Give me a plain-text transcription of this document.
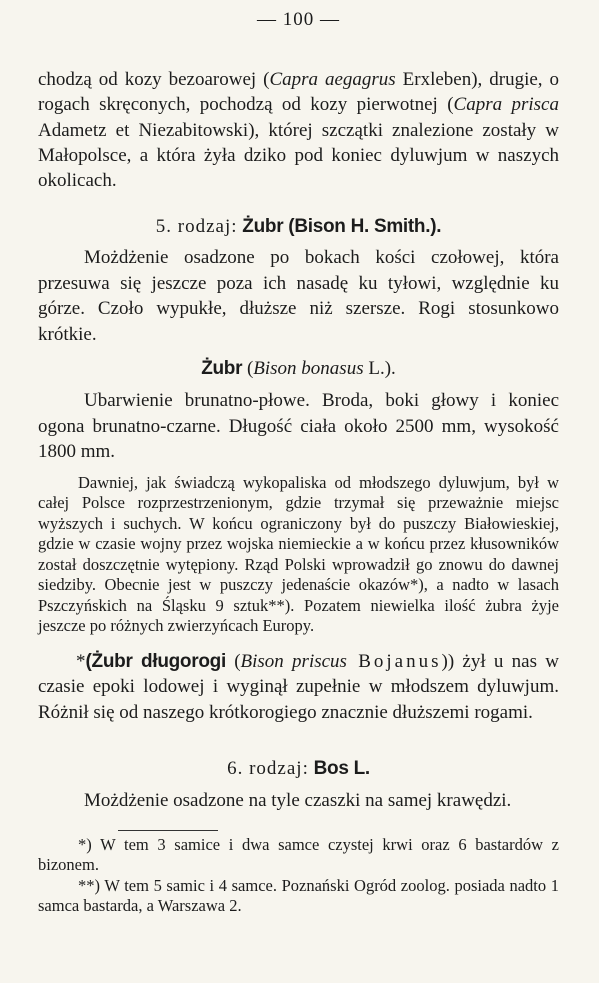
— 100 —

chodzą od kozy bezoarowej (Capra aegagrus Erxleben), drugie, o rogach skręconych, pochodzą od kozy pierwotnej (Capra prisca Adametz et Niezabitowski), której szczątki znalezione zostały w Małopolsce, a która żyła dziko pod koniec dyluwjum w naszych okolicach.

5. rodzaj: Żubr (Bison H. Smith.).

Możdżenie osadzone po bokach kości czołowej, która przesuwa się jeszcze poza ich nasadę ku tyłowi, względnie ku górze. Czoło wypukłe, dłuższe niż szersze. Rogi stosunkowo krótkie.

Żubr (Bison bonasus L.).

Ubarwienie brunatno-płowe. Broda, boki głowy i koniec ogona brunatno-czarne. Długość ciała około 2500 mm, wysokość 1800 mm.

Dawniej, jak świadczą wykopaliska od młodszego dyluwjum, był w całej Polsce rozprzestrzenionym, gdzie trzymał się przeważnie miejsc wyższych i suchych. W końcu ograniczony był do puszczy Białowieskiej, gdzie w czasie wojny przez wojska niemieckie a w końcu przez kłusowników został doszczętnie wytępiony. Rząd Polski wprowadził go znowu do dawnej siedziby. Obecnie jest w puszczy jedenaście okazów*), a nadto w lasach Pszczyńskich na Śląsku 9 sztuk**). Pozatem niewielka ilość żubra żyje jeszcze po różnych zwierzyńcach Europy.

*(Żubr długorogi (Bison priscus Bojanus)) żył u nas w czasie epoki lodowej i wyginął zupełnie w młodszem dyluwjum. Różnił się od naszego krótkorogiego znacznie dłuższemi rogami.

6. rodzaj: Bos L.

Możdżenie osadzone na tyle czaszki na samej krawędzi.

*) W tem 3 samice i dwa samce czystej krwi oraz 6 bastardów z bizonem.

**) W tem 5 samic i 4 samce. Poznański Ogród zoolog. posiada nadto 1 samca bastarda, a Warszawa 2.
